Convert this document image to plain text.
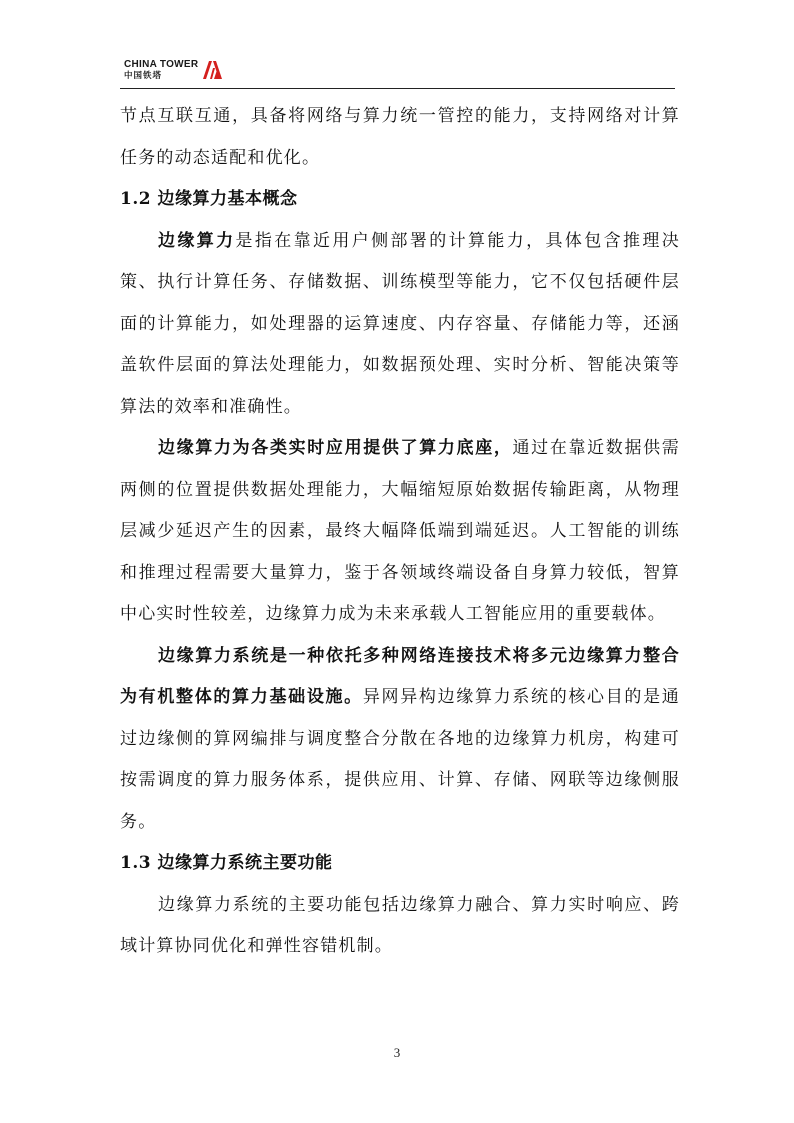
CHINA TOWER
中国铁塔

节点互联互通，具备将网络与算力统一管控的能力，支持网络对计算任务的动态适配和优化。

1.2 边缘算力基本概念

边缘算力是指在靠近用户侧部署的计算能力，具体包含推理决策、执行计算任务、存储数据、训练模型等能力，它不仅包括硬件层面的计算能力，如处理器的运算速度、内存容量、存储能力等，还涵盖软件层面的算法处理能力，如数据预处理、实时分析、智能决策等算法的效率和准确性。

边缘算力为各类实时应用提供了算力底座，通过在靠近数据供需两侧的位置提供数据处理能力，大幅缩短原始数据传输距离，从物理层减少延迟产生的因素，最终大幅降低端到端延迟。人工智能的训练和推理过程需要大量算力，鉴于各领域终端设备自身算力较低，智算中心实时性较差，边缘算力成为未来承载人工智能应用的重要载体。

边缘算力系统是一种依托多种网络连接技术将多元边缘算力整合为有机整体的算力基础设施。异网异构边缘算力系统的核心目的是通过边缘侧的算网编排与调度整合分散在各地的边缘算力机房，构建可按需调度的算力服务体系，提供应用、计算、存储、网联等边缘侧服务。

1.3 边缘算力系统主要功能

边缘算力系统的主要功能包括边缘算力融合、算力实时响应、跨域计算协同优化和弹性容错机制。

3
